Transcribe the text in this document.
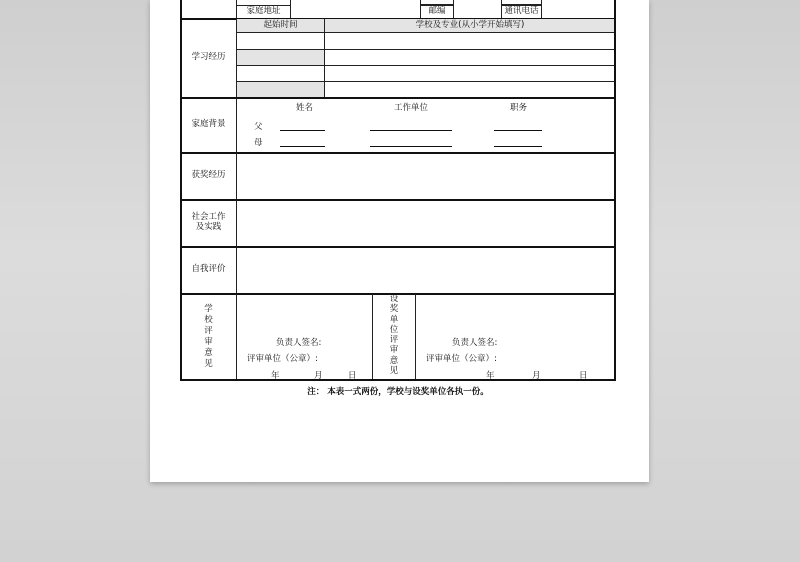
家庭地址	邮编	通讯电话
学习经历
起始时间	学校及专业(从小学开始填写)
家庭背景
姓名	工作单位	职务
父
母
获奖经历
社会工作
及实践
自我评价
学
校
评
审
意
见
负责人签名:
评审单位（公章）:
年	月	日
设
奖
单
位
评
审
意
见
负责人签名:
评审单位（公章）:
年	月	日
注： 本表一式两份，学校与设奖单位各执一份。
